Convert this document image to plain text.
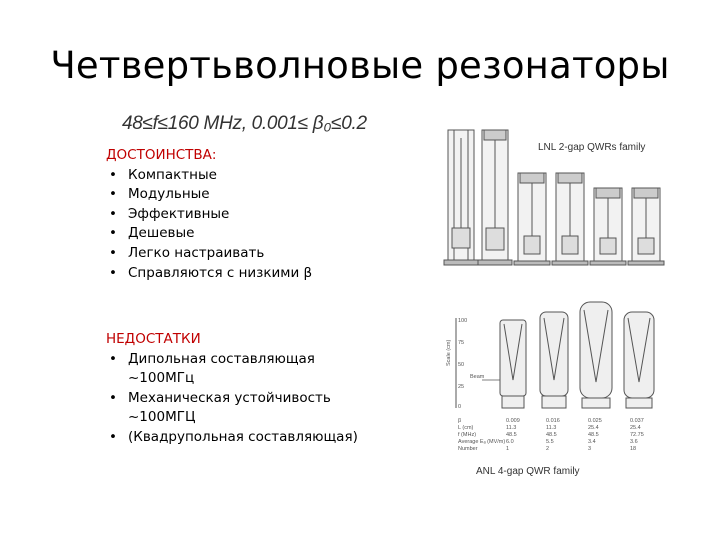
Четвертьволновые резонаторы
48≤f≤160 MHz, 0.001≤ β₀≤0.2
ДОСТОИНСТВА:
• Компактные
• Модульные
• Эффективные
• Дешевые
• Легко настраивать
• Справляются с низкими β
НЕДОСТАТКИ
• Дипольная составляющая
~100МГц
• Механическая устойчивость
~100МГЦ
• (Квадрупольная составляющая)
LNL 2-gap QWRs family
Scale (cm)
100
75
50
25
0
Beam
β
L (cm)
f (MHz)
Average Eₐ (MV/m)
Number
0.009
11.3
48.5
6.0
1
0.016
11.3
48.5
5.5
2
0.025
25.4
48.5
3.4
3
0.037
25.4
72.75
3.6
18
ANL 4-gap QWR family
